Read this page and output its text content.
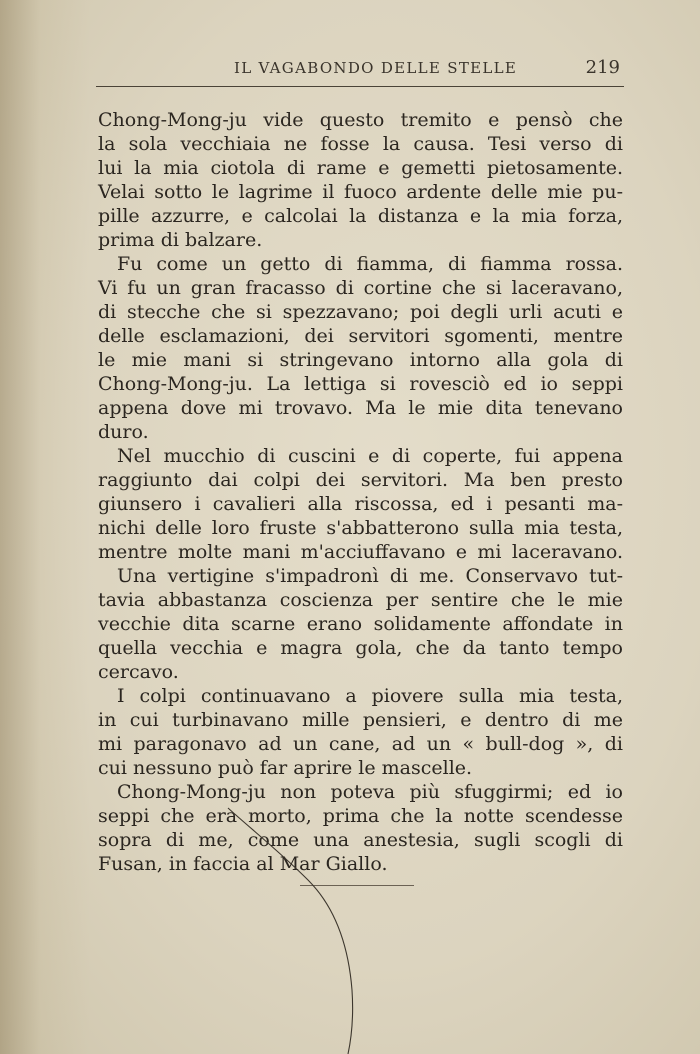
IL VAGABONDO DELLE STELLE	219
Chong-Mong-ju vide questo tremito e pensò che
la sola vecchiaia ne fosse la causa. Tesi verso di
lui la mia ciotola di rame e gemetti pietosamente.
Velai sotto le lagrime il fuoco ardente delle mie pu-
pille azzurre, e calcolai la distanza e la mia forza,
prima di balzare.
Fu come un getto di fiamma, di fiamma rossa.
Vi fu un gran fracasso di cortine che si laceravano,
di stecche che si spezzavano; poi degli urli acuti e
delle esclamazioni, dei servitori sgomenti, mentre
le mie mani si stringevano intorno alla gola di
Chong-Mong-ju. La lettiga si rovesciò ed io seppi
appena dove mi trovavo. Ma le mie dita tenevano
duro.
Nel mucchio di cuscini e di coperte, fui appena
raggiunto dai colpi dei servitori. Ma ben presto
giunsero i cavalieri alla riscossa, ed i pesanti ma-
nichi delle loro fruste s'abbatterono sulla mia testa,
mentre molte mani m'acciuffavano e mi laceravano.
Una vertigine s'impadronì di me. Conservavo tut-
tavia abbastanza coscienza per sentire che le mie
vecchie dita scarne erano solidamente affondate in
quella vecchia e magra gola, che da tanto tempo
cercavo.
I colpi continuavano a piovere sulla mia testa,
in cui turbinavano mille pensieri, e dentro di me
mi paragonavo ad un cane, ad un « bull-dog », di
cui nessuno può far aprire le mascelle.
Chong-Mong-ju non poteva più sfuggirmi; ed io
seppi che era morto, prima che la notte scendesse
sopra di me, come una anestesia, sugli scogli di
Fusan, in faccia al Mar Giallo.
